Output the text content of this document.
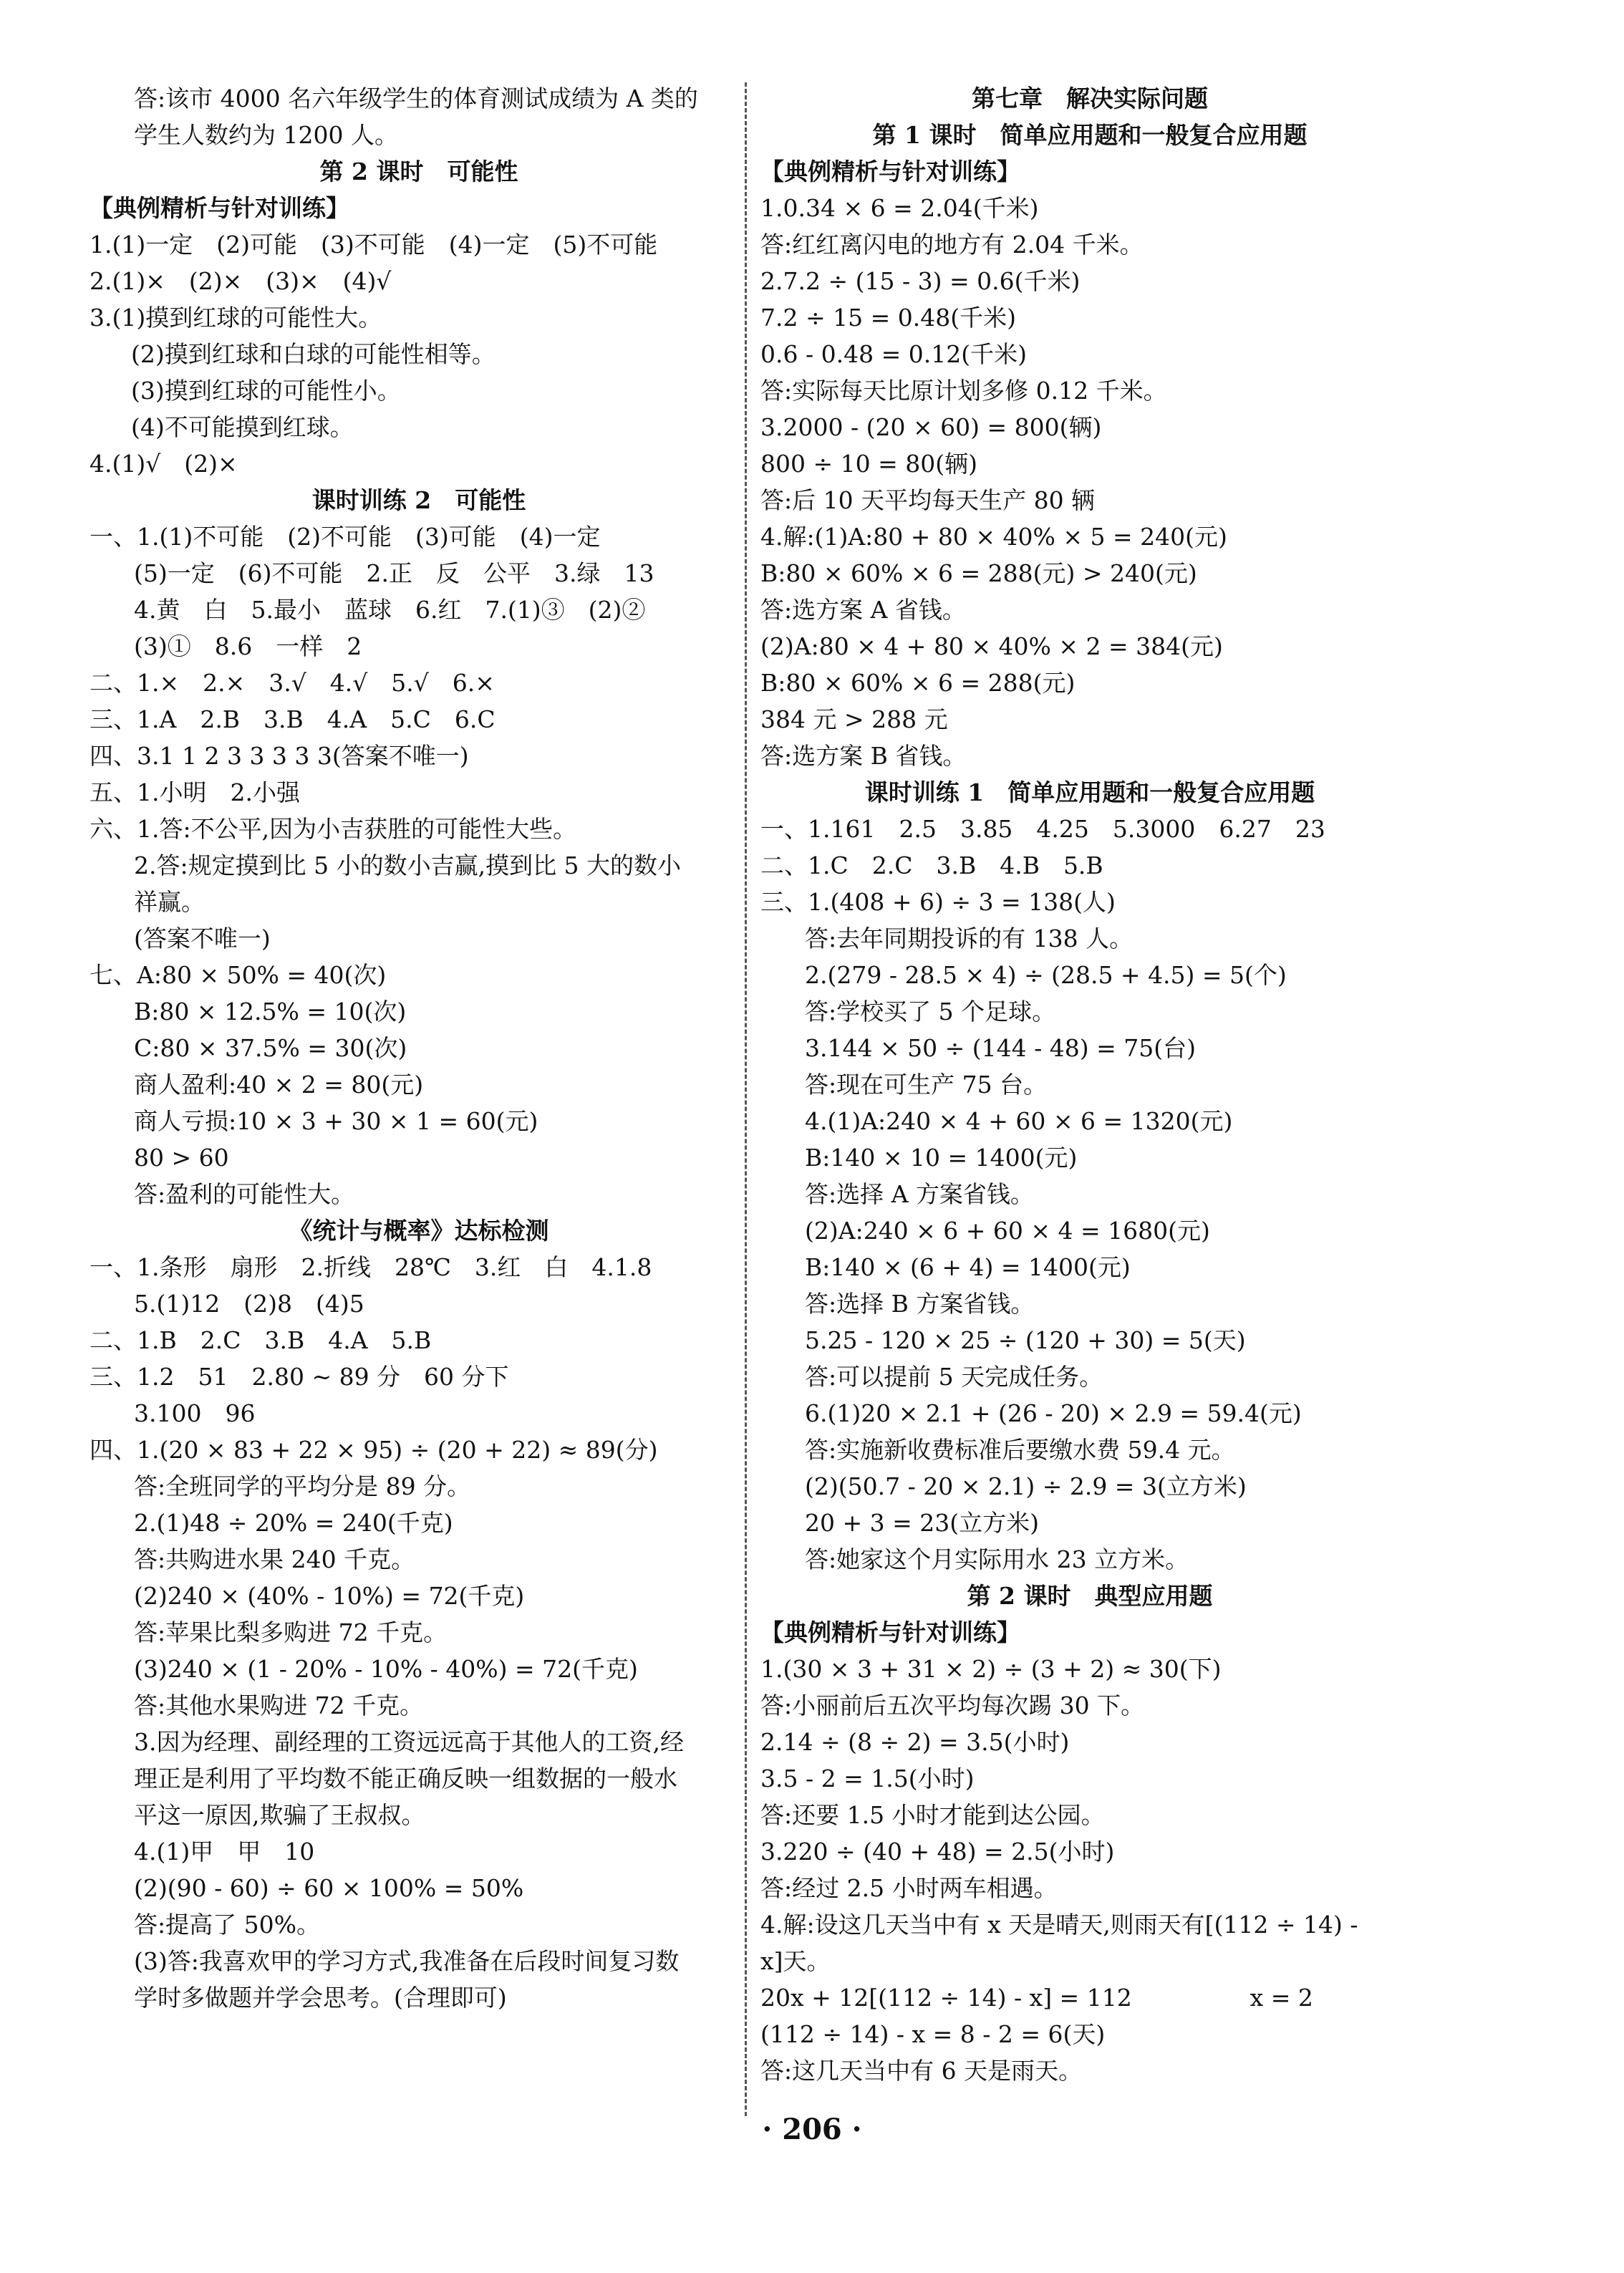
答:该市 4000 名六年级学生的体育测试成绩为 A 类的
学生人数约为 1200 人。
第 2 课时　可能性
【典例精析与针对训练】
1.(1)一定　(2)可能　(3)不可能　(4)一定　(5)不可能
2.(1)×　(2)×　(3)×　(4)√
3.(1)摸到红球的可能性大。
(2)摸到红球和白球的可能性相等。
(3)摸到红球的可能性小。
(4)不可能摸到红球。
4.(1)√　(2)×
课时训练 2　可能性
一、1.(1)不可能　(2)不可能　(3)可能　(4)一定
(5)一定　(6)不可能　2.正　反　公平　3.绿　13
4.黄　白　5.最小　蓝球　6.红　7.(1)③　(2)②
(3)①　8.6　一样　2
二、1.×　2.×　3.√　4.√　5.√　6.×
三、1.A　2.B　3.B　4.A　5.C　6.C
四、3.1 1 2 3 3 3 3 3(答案不唯一)
五、1.小明　2.小强
六、1.答:不公平,因为小吉获胜的可能性大些。
2.答:规定摸到比 5 小的数小吉赢,摸到比 5 大的数小
祥赢。
(答案不唯一)
七、A:80 × 50% = 40(次)
B:80 × 12.5% = 10(次)
C:80 × 37.5% = 30(次)
商人盈利:40 × 2 = 80(元)
商人亏损:10 × 3 + 30 × 1 = 60(元)
80 > 60
答:盈利的可能性大。
《统计与概率》达标检测
一、1.条形　扇形　2.折线　28℃　3.红　白　4.1.8
5.(1)12　(2)8　(4)5
二、1.B　2.C　3.B　4.A　5.B
三、1.2　51　2.80 ~ 89 分　60 分下
3.100　96
四、1.(20 × 83 + 22 × 95) ÷ (20 + 22) ≈ 89(分)
答:全班同学的平均分是 89 分。
2.(1)48 ÷ 20% = 240(千克)
答:共购进水果 240 千克。
(2)240 × (40% - 10%) = 72(千克)
答:苹果比梨多购进 72 千克。
(3)240 × (1 - 20% - 10% - 40%) = 72(千克)
答:其他水果购进 72 千克。
3.因为经理、副经理的工资远远高于其他人的工资,经
理正是利用了平均数不能正确反映一组数据的一般水
平这一原因,欺骗了王叔叔。
4.(1)甲　甲　10
(2)(90 - 60) ÷ 60 × 100% = 50%
答:提高了 50%。
(3)答:我喜欢甲的学习方式,我准备在后段时间复习数
学时多做题并学会思考。(合理即可)
第七章　解决实际问题
第 1 课时　简单应用题和一般复合应用题
【典例精析与针对训练】
1.0.34 × 6 = 2.04(千米)
答:红红离闪电的地方有 2.04 千米。
2.7.2 ÷ (15 - 3) = 0.6(千米)
7.2 ÷ 15 = 0.48(千米)
0.6 - 0.48 = 0.12(千米)
答:实际每天比原计划多修 0.12 千米。
3.2000 - (20 × 60) = 800(辆)
800 ÷ 10 = 80(辆)
答:后 10 天平均每天生产 80 辆
4.解:(1)A:80 + 80 × 40% × 5 = 240(元)
B:80 × 60% × 6 = 288(元) > 240(元)
答:选方案 A 省钱。
(2)A:80 × 4 + 80 × 40% × 2 = 384(元)
B:80 × 60% × 6 = 288(元)
384 元 > 288 元
答:选方案 B 省钱。
课时训练 1　简单应用题和一般复合应用题
一、1.161　2.5　3.85　4.25　5.3000　6.27　23
二、1.C　2.C　3.B　4.B　5.B
三、1.(408 + 6) ÷ 3 = 138(人)
答:去年同期投诉的有 138 人。
2.(279 - 28.5 × 4) ÷ (28.5 + 4.5) = 5(个)
答:学校买了 5 个足球。
3.144 × 50 ÷ (144 - 48) = 75(台)
答:现在可生产 75 台。
4.(1)A:240 × 4 + 60 × 6 = 1320(元)
B:140 × 10 = 1400(元)
答:选择 A 方案省钱。
(2)A:240 × 6 + 60 × 4 = 1680(元)
B:140 × (6 + 4) = 1400(元)
答:选择 B 方案省钱。
5.25 - 120 × 25 ÷ (120 + 30) = 5(天)
答:可以提前 5 天完成任务。
6.(1)20 × 2.1 + (26 - 20) × 2.9 = 59.4(元)
答:实施新收费标准后要缴水费 59.4 元。
(2)(50.7 - 20 × 2.1) ÷ 2.9 = 3(立方米)
20 + 3 = 23(立方米)
答:她家这个月实际用水 23 立方米。
第 2 课时　典型应用题
【典例精析与针对训练】
1.(30 × 3 + 31 × 2) ÷ (3 + 2) ≈ 30(下)
答:小丽前后五次平均每次踢 30 下。
2.14 ÷ (8 ÷ 2) = 3.5(小时)
3.5 - 2 = 1.5(小时)
答:还要 1.5 小时才能到达公园。
3.220 ÷ (40 + 48) = 2.5(小时)
答:经过 2.5 小时两车相遇。
4.解:设这几天当中有 x 天是晴天,则雨天有[(112 ÷ 14) -
x]天。
20x + 12[(112 ÷ 14) - x] = 112　　　　　x = 2
(112 ÷ 14) - x = 8 - 2 = 6(天)
答:这几天当中有 6 天是雨天。
· 206 ·
